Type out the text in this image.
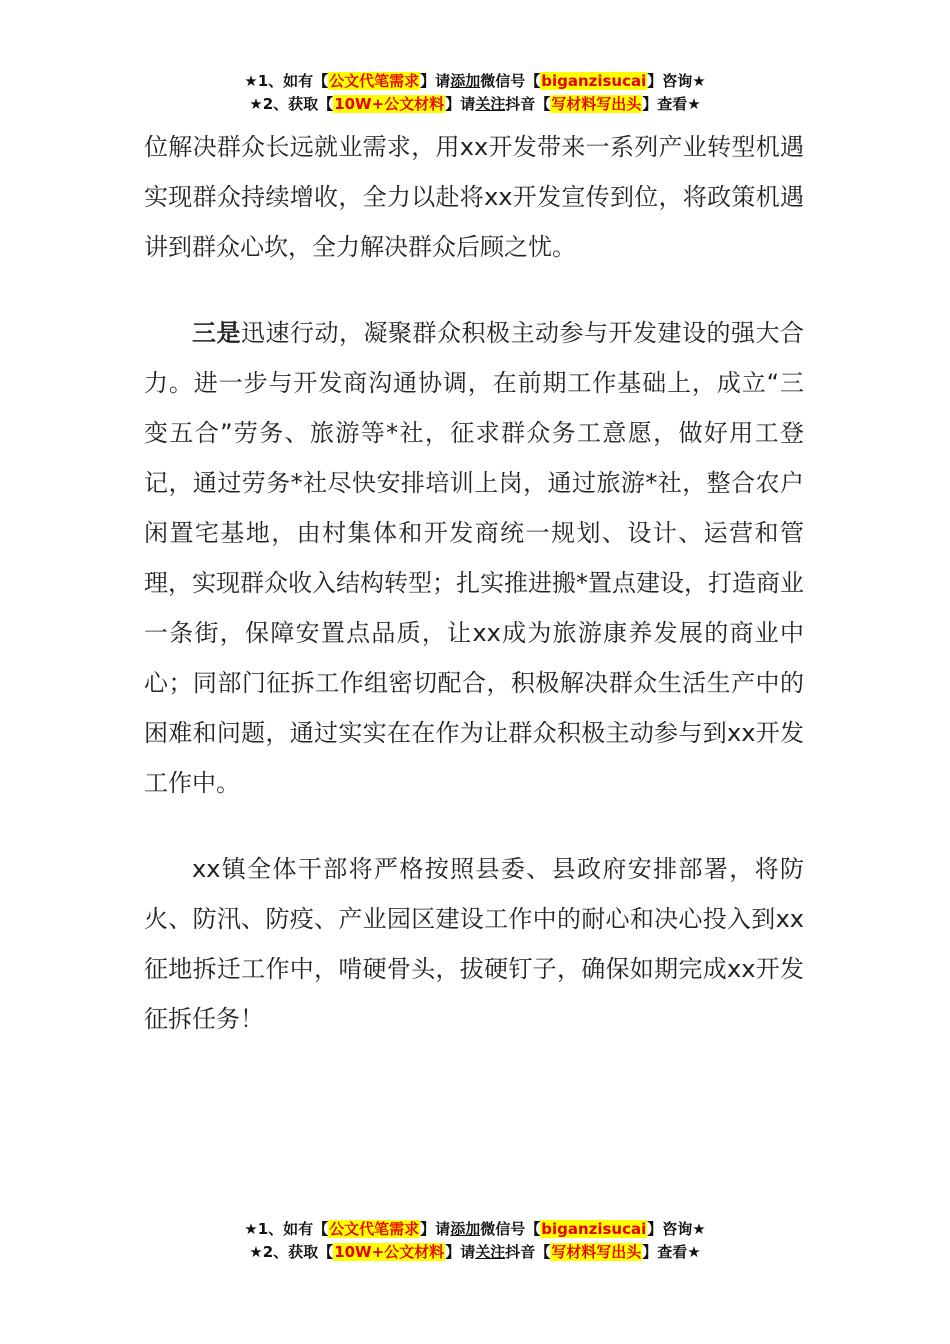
★1、如有【公文代笔需求】请添加微信号【biganzisucai】咨询★
★2、获取【10W+公文材料】请关注抖音【写材料写出头】查看★

位解决群众长远就业需求，用xx开发带来一系列产业转型机遇实现群众持续增收，全力以赴将xx开发宣传到位，将政策机遇讲到群众心坎，全力解决群众后顾之忧。

三是迅速行动，凝聚群众积极主动参与开发建设的强大合力。进一步与开发商沟通协调，在前期工作基础上，成立“三变五合”劳务、旅游等*社，征求群众务工意愿，做好用工登记，通过劳务*社尽快安排培训上岗，通过旅游*社，整合农户闲置宅基地，由村集体和开发商统一规划、设计、运营和管理，实现群众收入结构转型；扎实推进搬*置点建设，打造商业一条街，保障安置点品质，让xx成为旅游康养发展的商业中心；同部门征拆工作组密切配合，积极解决群众生活生产中的困难和问题，通过实实在在作为让群众积极主动参与到xx开发工作中。

xx镇全体干部将严格按照县委、县政府安排部署，将防火、防汛、防疫、产业园区建设工作中的耐心和决心投入到xx征地拆迁工作中，啃硬骨头，拔硬钉子，确保如期完成xx开发征拆任务！

★1、如有【公文代笔需求】请添加微信号【biganzisucai】咨询★
★2、获取【10W+公文材料】请关注抖音【写材料写出头】查看★
